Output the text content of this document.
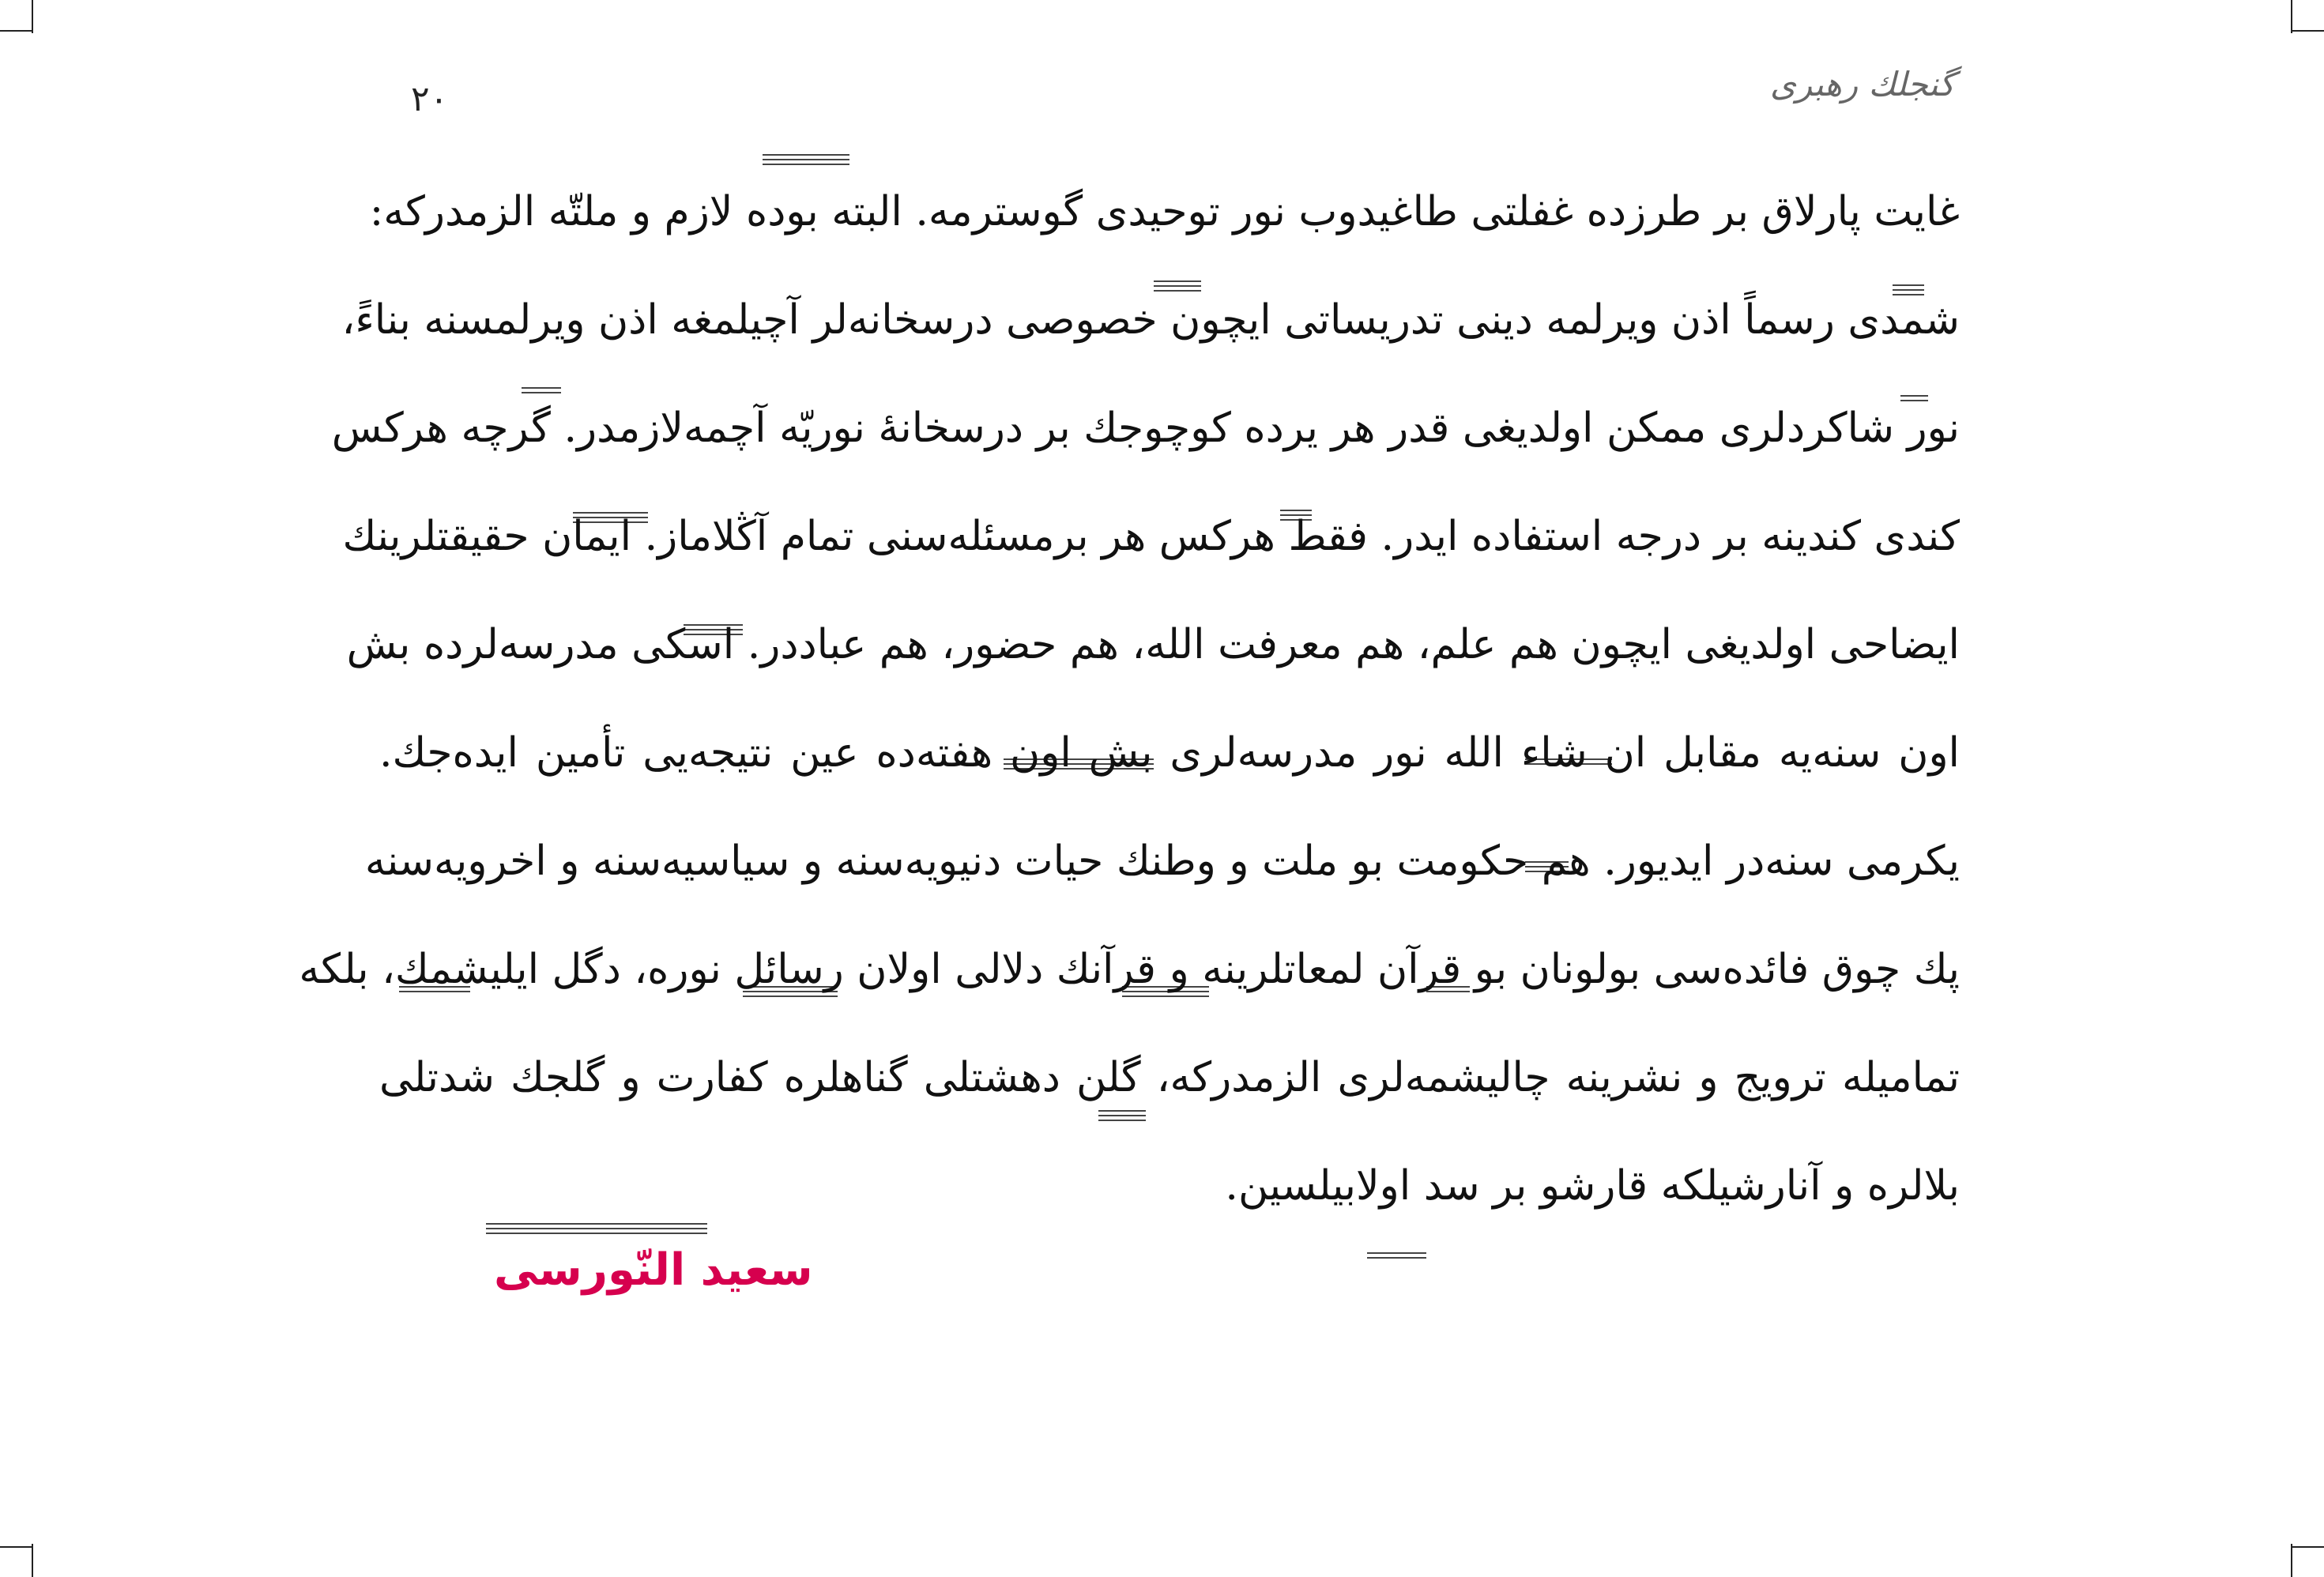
۲۰	گنجلك رهبری
غايت پارلاق بر طرزده غفلتى طاغيدوب نور توحيدى گوسترمه. البته بوده لازم و ملتّه الزمدركه:
شمدى رسماً اذن ويرلمه دينى تدريساتى ايچون خصوصى درسخانه‌لر آچيلمغه اذن ويرلمسنه بناءً،
نور شاكردلرى ممكن اولديغى قدر هر يرده كوچوجك بر درسخانهٔ نوريّه آچمه‌لازمدر. گرچه هركس
كندى كندينه بر درجه استفاده ايدر. فقط هركس هر برمسئله‌سنى تمام آڭلاماز. ايمان حقيقتلرينك
ايضاحى اولديغى ايچون هم علم، هم معرفت الله، هم حضور، هم عباددر. اسكى مدرسه‌لرده بش
اون سنه‌يه مقابل ان شاء الله نور مدرسه‌لرى بش اون هفته‌ده عين نتيجه‌يى تأمين ايده‌جك.
يكرمى سنه‌در ايديور. هم حكومت بو ملت و وطنك حيات دنيويه‌سنه و سياسيه‌سنه و اخرويه‌سنه
پك چوق فائده‌سى بولونان بو قرآن لمعاتلرينه و قرآنك دلالى اولان رسائل نوره، دگل ايليشمك، بلكه
تماميله ترويج و نشرينه چاليشمه‌لرى الزمدركه، گلن دهشتلى گناهلره كفارت و گلجك شدتلى
بلالره و آنارشيلكه قارشو بر سد اولابيلسين.
سعيد النّورسى
